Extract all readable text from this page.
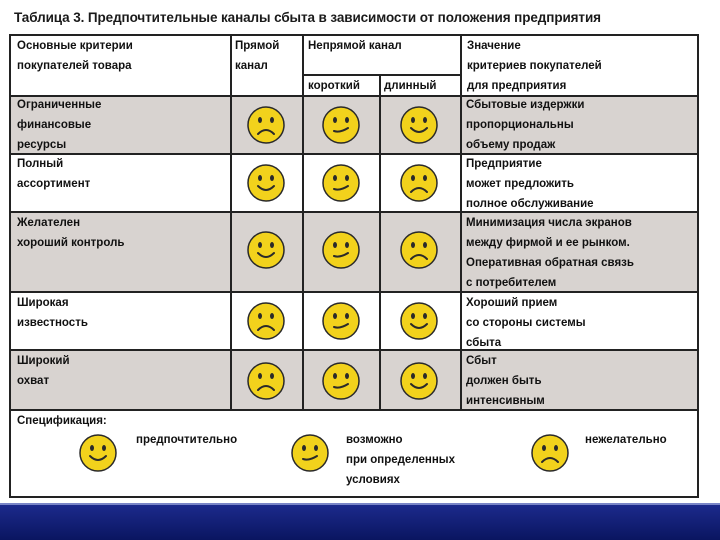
Таблица 3. Предпочтительные каналы сбыта в зависимости от положения предприятия
Основные критерии
покупателей товара
Прямой
канал
Непрямой канал
короткий длинный
Значение
критериев покупателей
для предприятия
Ограниченные
финансовые
ресурсы
Сбытовые издержки
пропорциональны
объему продаж
Полный
ассортимент
Предприятие
может предложить
полное обслуживание
Желателен
хороший контроль
Минимизация числа экранов
между фирмой и ее рынком.
Оперативная обратная связь
с потребителем
Широкая
известность
Хороший прием
со стороны системы
сбыта
Широкий
охват
Сбыт
должен быть
интенсивным
Спецификация:
предпочтительно	возможно
при определенных
условиях
нежелательно
